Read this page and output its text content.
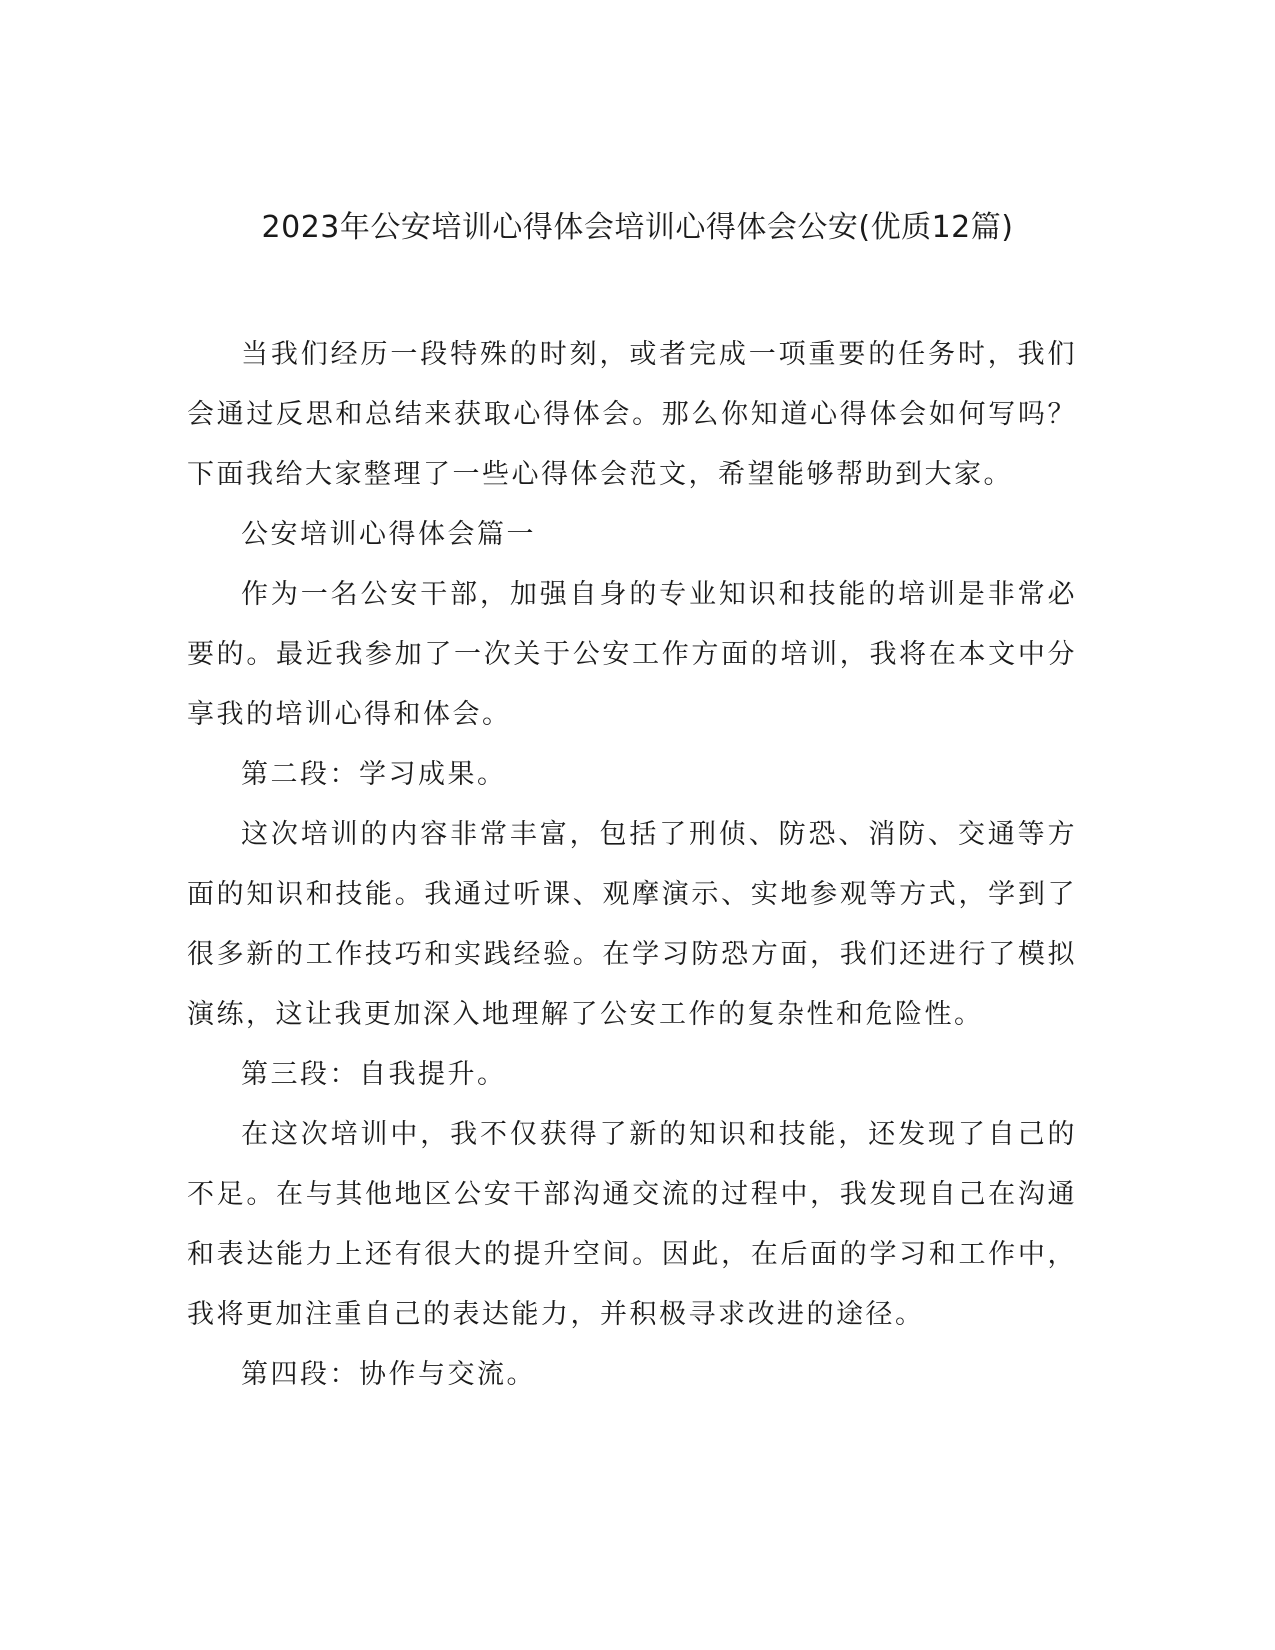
2023年公安培训心得体会培训心得体会公安(优质12篇)

当我们经历一段特殊的时刻，或者完成一项重要的任务时，我们会通过反思和总结来获取心得体会。那么你知道心得体会如何写吗？下面我给大家整理了一些心得体会范文，希望能够帮助到大家。

公安培训心得体会篇一

作为一名公安干部，加强自身的专业知识和技能的培训是非常必要的。最近我参加了一次关于公安工作方面的培训，我将在本文中分享我的培训心得和体会。

第二段：学习成果。

这次培训的内容非常丰富，包括了刑侦、防恐、消防、交通等方面的知识和技能。我通过听课、观摩演示、实地参观等方式，学到了很多新的工作技巧和实践经验。在学习防恐方面，我们还进行了模拟演练，这让我更加深入地理解了公安工作的复杂性和危险性。

第三段：自我提升。

在这次培训中，我不仅获得了新的知识和技能，还发现了自己的不足。在与其他地区公安干部沟通交流的过程中，我发现自己在沟通和表达能力上还有很大的提升空间。因此，在后面的学习和工作中，我将更加注重自己的表达能力，并积极寻求改进的途径。

第四段：协作与交流。
